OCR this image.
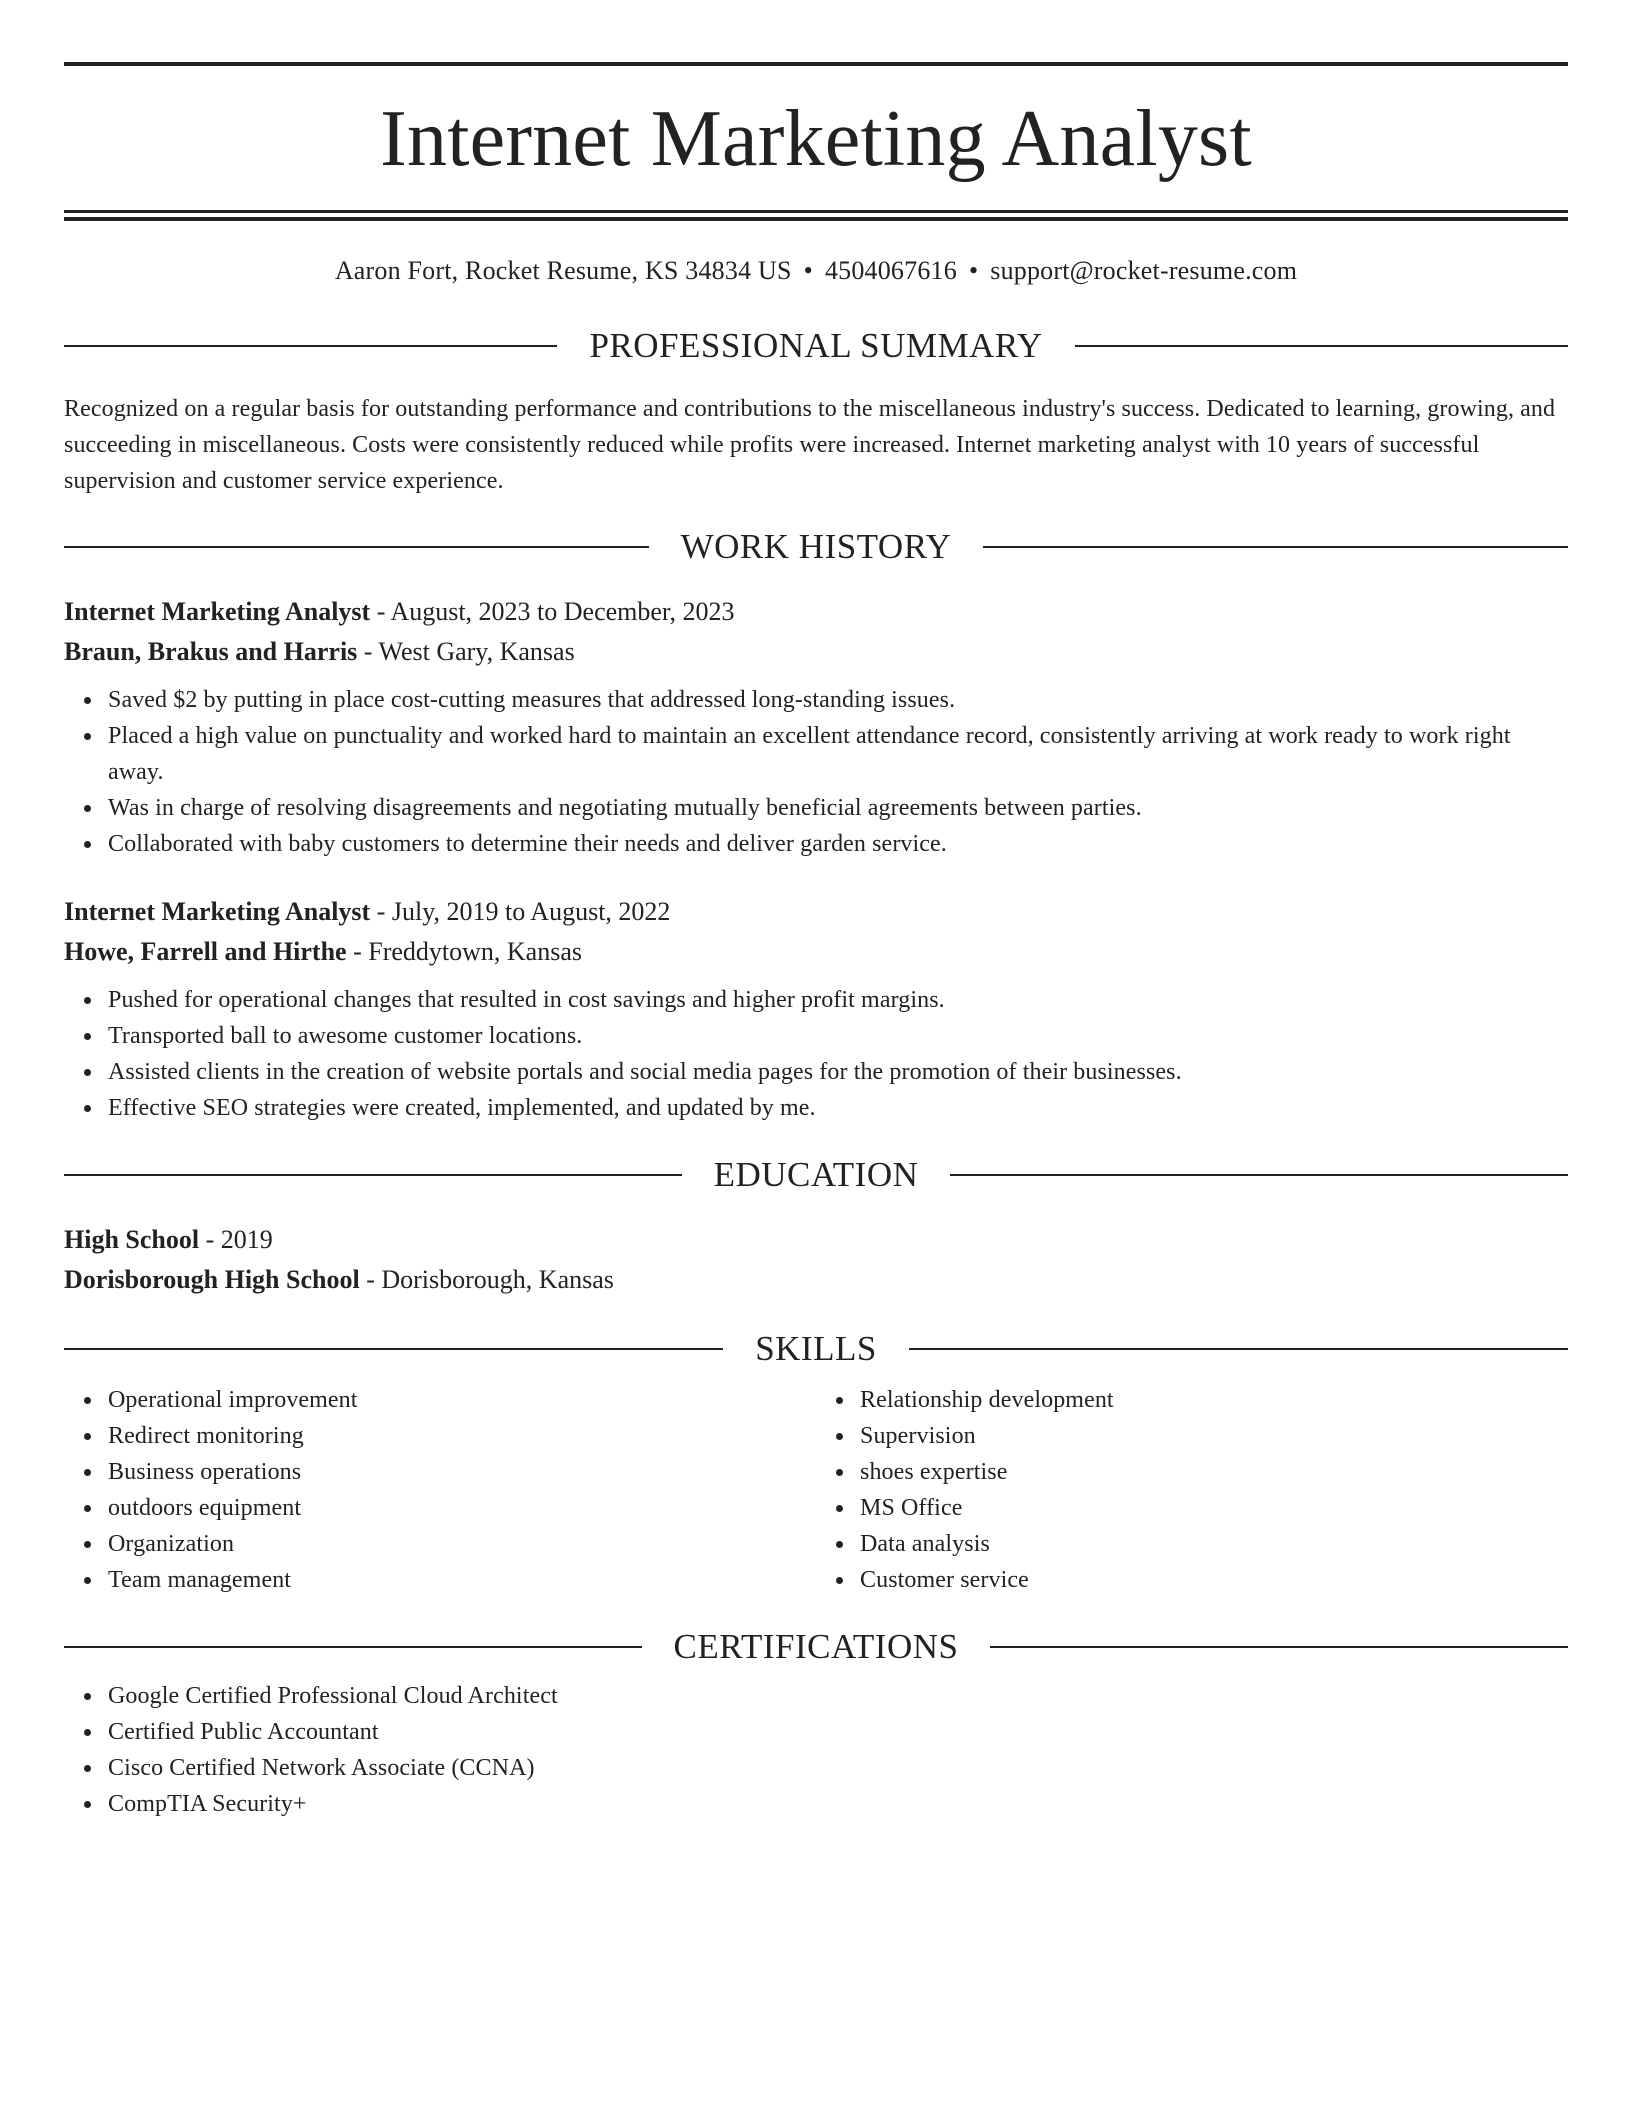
Internet Marketing Analyst
Aaron Fort, Rocket Resume, KS 34834 US • 4504067616 • support@rocket-resume.com
PROFESSIONAL SUMMARY
Recognized on a regular basis for outstanding performance and contributions to the miscellaneous industry's success. Dedicated to learning, growing, and succeeding in miscellaneous. Costs were consistently reduced while profits were increased. Internet marketing analyst with 10 years of successful supervision and customer service experience.
WORK HISTORY
Internet Marketing Analyst - August, 2023 to December, 2023
Braun, Brakus and Harris - West Gary, Kansas
Saved $2 by putting in place cost-cutting measures that addressed long-standing issues.
Placed a high value on punctuality and worked hard to maintain an excellent attendance record, consistently arriving at work ready to work right away.
Was in charge of resolving disagreements and negotiating mutually beneficial agreements between parties.
Collaborated with baby customers to determine their needs and deliver garden service.
Internet Marketing Analyst - July, 2019 to August, 2022
Howe, Farrell and Hirthe - Freddytown, Kansas
Pushed for operational changes that resulted in cost savings and higher profit margins.
Transported ball to awesome customer locations.
Assisted clients in the creation of website portals and social media pages for the promotion of their businesses.
Effective SEO strategies were created, implemented, and updated by me.
EDUCATION
High School - 2019
Dorisborough High School - Dorisborough, Kansas
SKILLS
Operational improvement
Redirect monitoring
Business operations
outdoors equipment
Organization
Team management
Relationship development
Supervision
shoes expertise
MS Office
Data analysis
Customer service
CERTIFICATIONS
Google Certified Professional Cloud Architect
Certified Public Accountant
Cisco Certified Network Associate (CCNA)
CompTIA Security+
